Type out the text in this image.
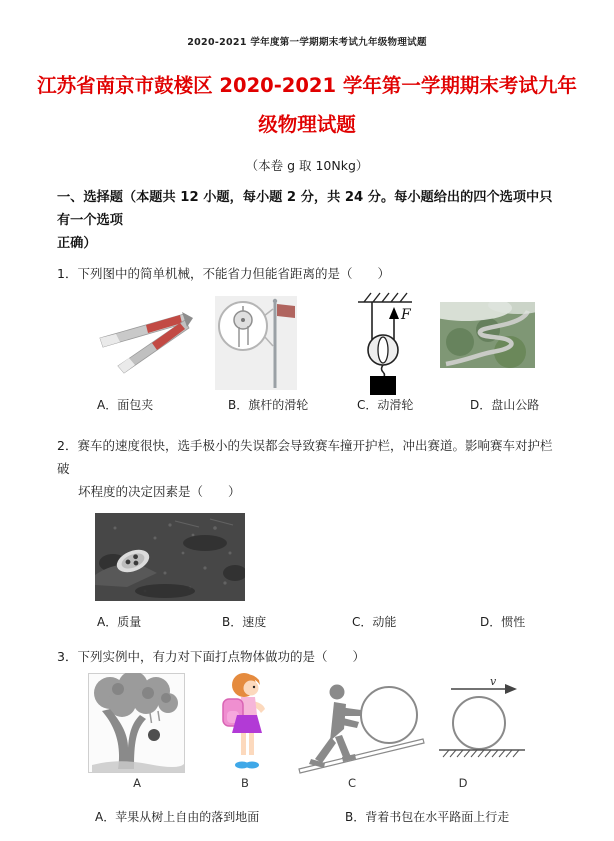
2020-2021 学年度第一学期期末考试九年级物理试题
江苏省南京市鼓楼区 2020-2021 学年第一学期期末考试九年
级物理试题
（本卷 g 取 10Nkg）
一、选择题（本题共 12 小题，每小题 2 分，共 24 分。每小题给出的四个选项中只有一个选项
正确）
1．下列图中的简单机械，不能省力但能省距离的是（　　）
F
A．面包夹	B．旗杆的滑轮	C．动滑轮	D．盘山公路
2．赛车的速度很快，选手极小的失误都会导致赛车撞开护栏，冲出赛道。影响赛车对护栏破
坏程度的决定因素是（　　）
A．质量	B．速度	C．动能	D．惯性
3．下列实例中，有力对下面打点物体做功的是（　　）
v
A	B	C	D
A．苹果从树上自由的落到地面	B．背着书包在水平路面上行走
